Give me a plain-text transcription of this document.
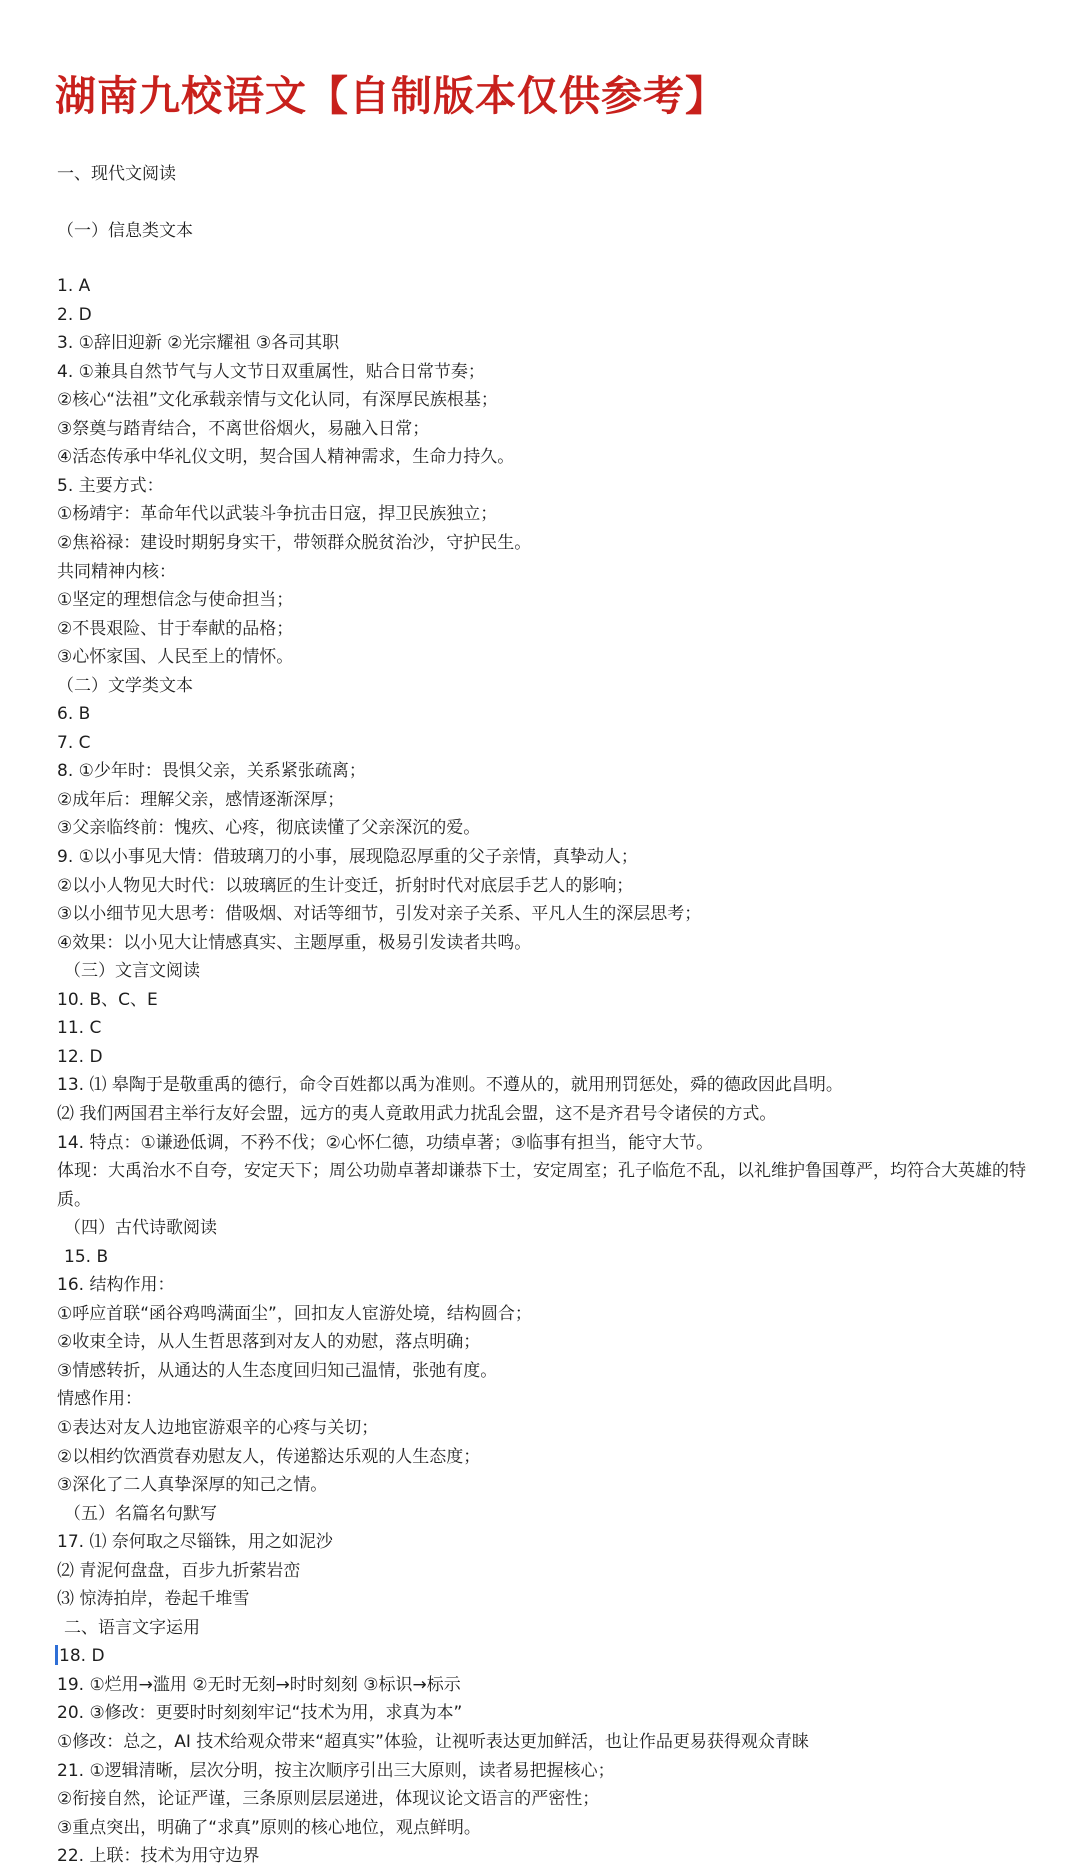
湖南九校语文【自制版本仅供参考】
一、现代文阅读
（一）信息类文本
1. A
2. D
3. ①辞旧迎新 ②光宗耀祖 ③各司其职
4. ①兼具自然节气与人文节日双重属性，贴合日常节奏；
②核心“法祖”文化承载亲情与文化认同，有深厚民族根基；
③祭奠与踏青结合，不离世俗烟火，易融入日常；
④活态传承中华礼仪文明，契合国人精神需求，生命力持久。
5. 主要方式：
①杨靖宇：革命年代以武装斗争抗击日寇，捍卫民族独立；
②焦裕禄：建设时期躬身实干，带领群众脱贫治沙，守护民生。
共同精神内核：
①坚定的理想信念与使命担当；
②不畏艰险、甘于奉献的品格；
③心怀家国、人民至上的情怀。
（二）文学类文本
6. B
7. C
8. ①少年时：畏惧父亲，关系紧张疏离；
②成年后：理解父亲，感情逐渐深厚；
③父亲临终前：愧疚、心疼，彻底读懂了父亲深沉的爱。
9. ①以小事见大情：借玻璃刀的小事，展现隐忍厚重的父子亲情，真挚动人；
②以小人物见大时代：以玻璃匠的生计变迁，折射时代对底层手艺人的影响；
③以小细节见大思考：借吸烟、对话等细节，引发对亲子关系、平凡人生的深层思考；
④效果：以小见大让情感真实、主题厚重，极易引发读者共鸣。
（三）文言文阅读
10. B、C、E
11. C
12. D
13. ⑴ 皋陶于是敬重禹的德行，命令百姓都以禹为准则。不遵从的，就用刑罚惩处，舜的德政因此昌明。
⑵ 我们两国君主举行友好会盟，远方的夷人竟敢用武力扰乱会盟，这不是齐君号令诸侯的方式。
14. 特点：①谦逊低调，不矜不伐；②心怀仁德，功绩卓著；③临事有担当，能守大节。
体现：大禹治水不自夸，安定天下；周公功勋卓著却谦恭下士，安定周室；孔子临危不乱，以礼维护鲁国尊严，均符合大英雄的特质。
（四）古代诗歌阅读
15. B
16. 结构作用：
①呼应首联“函谷鸡鸣满面尘”，回扣友人宦游处境，结构圆合；
②收束全诗，从人生哲思落到对友人的劝慰，落点明确；
③情感转折，从通达的人生态度回归知己温情，张弛有度。
情感作用：
①表达对友人边地宦游艰辛的心疼与关切；
②以相约饮酒赏春劝慰友人，传递豁达乐观的人生态度；
③深化了二人真挚深厚的知己之情。
（五）名篇名句默写
17. ⑴ 奈何取之尽锱铢，用之如泥沙
⑵ 青泥何盘盘，百步九折萦岩峦
⑶ 惊涛拍岸，卷起千堆雪
二、语言文字运用
18. D
19. ①烂用→滥用 ②无时无刻→时时刻刻 ③标识→标示
20. ③修改：更要时时刻刻牢记“技术为用，求真为本”
①修改：总之，AI 技术给观众带来“超真实”体验，让视听表达更加鲜活，也让作品更易获得观众青睐
21. ①逻辑清晰，层次分明，按主次顺序引出三大原则，读者易把握核心；
②衔接自然，论证严谨，三条原则层层递进，体现议论文语言的严密性；
③重点突出，明确了“求真”原则的核心地位，观点鲜明。
22. 上联：技术为用守边界
